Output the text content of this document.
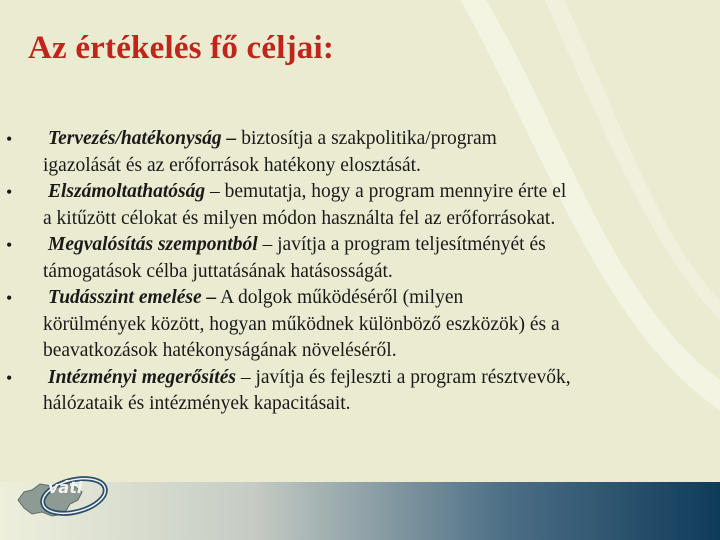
Az értékelés fő céljai:
•	Tervezés/hatékonyság – biztosítja a szakpolitika/program
igazolását és az erőforrások hatékony elosztását.
•	Elszámoltathatóság – bemutatja, hogy a program mennyire érte el
a kitűzött célokat és milyen módon használta fel az erőforrásokat.
•	Megvalósítás szempontból – javítja a program teljesítményét és
támogatások célba juttatásának hatásosságát.
•	Tudásszint emelése – A dolgok működéséről (milyen
körülmények között, hogyan működnek különböző eszközök) és a
beavatkozások hatékonyságának növeléséről.
•	Intézményi megerősítés – javítja és fejleszti a program résztvevők,
hálózataik és intézmények kapacitásait.
váti
